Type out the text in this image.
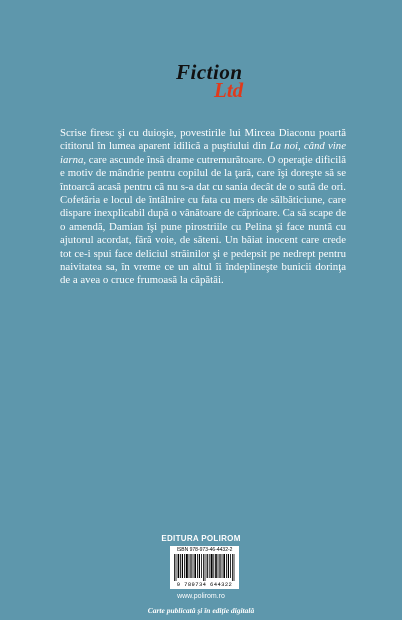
Fiction
Ltd

Scrise firesc şi cu duioşie, povestirile lui Mircea Diaconu poartă cititorul în lumea aparent idilică a puştiului din La noi, când vine iarna, care ascunde însă drame cutremurătoare. O operaţie dificilă e motiv de mândrie pentru copilul de la ţară, care îşi doreşte să se întoarcă acasă pentru că nu s-a dat cu sania decât de o sută de ori. Cofetăria e locul de întâlnire cu fata cu mers de sălbăticiune, care dispare inexplicabil după o vânătoare de căprioare. Ca să scape de o amendă, Damian îşi pune pirostriile cu Pelina şi face nuntă cu ajutorul acordat, fără voie, de săteni. Un băiat inocent care crede tot ce-i spui face deliciul străinilor şi e pedepsit pe nedrept pentru naivitatea sa, în vreme ce un altul îi îndeplineşte bunicii dorinţa de a avea o cruce frumoasă la căpătâi.

EDITURA POLIROM
ISBN 978-973-46-4432-2
9 789734 644322
www.polirom.ro
Carte publicată şi în ediţie digitală
